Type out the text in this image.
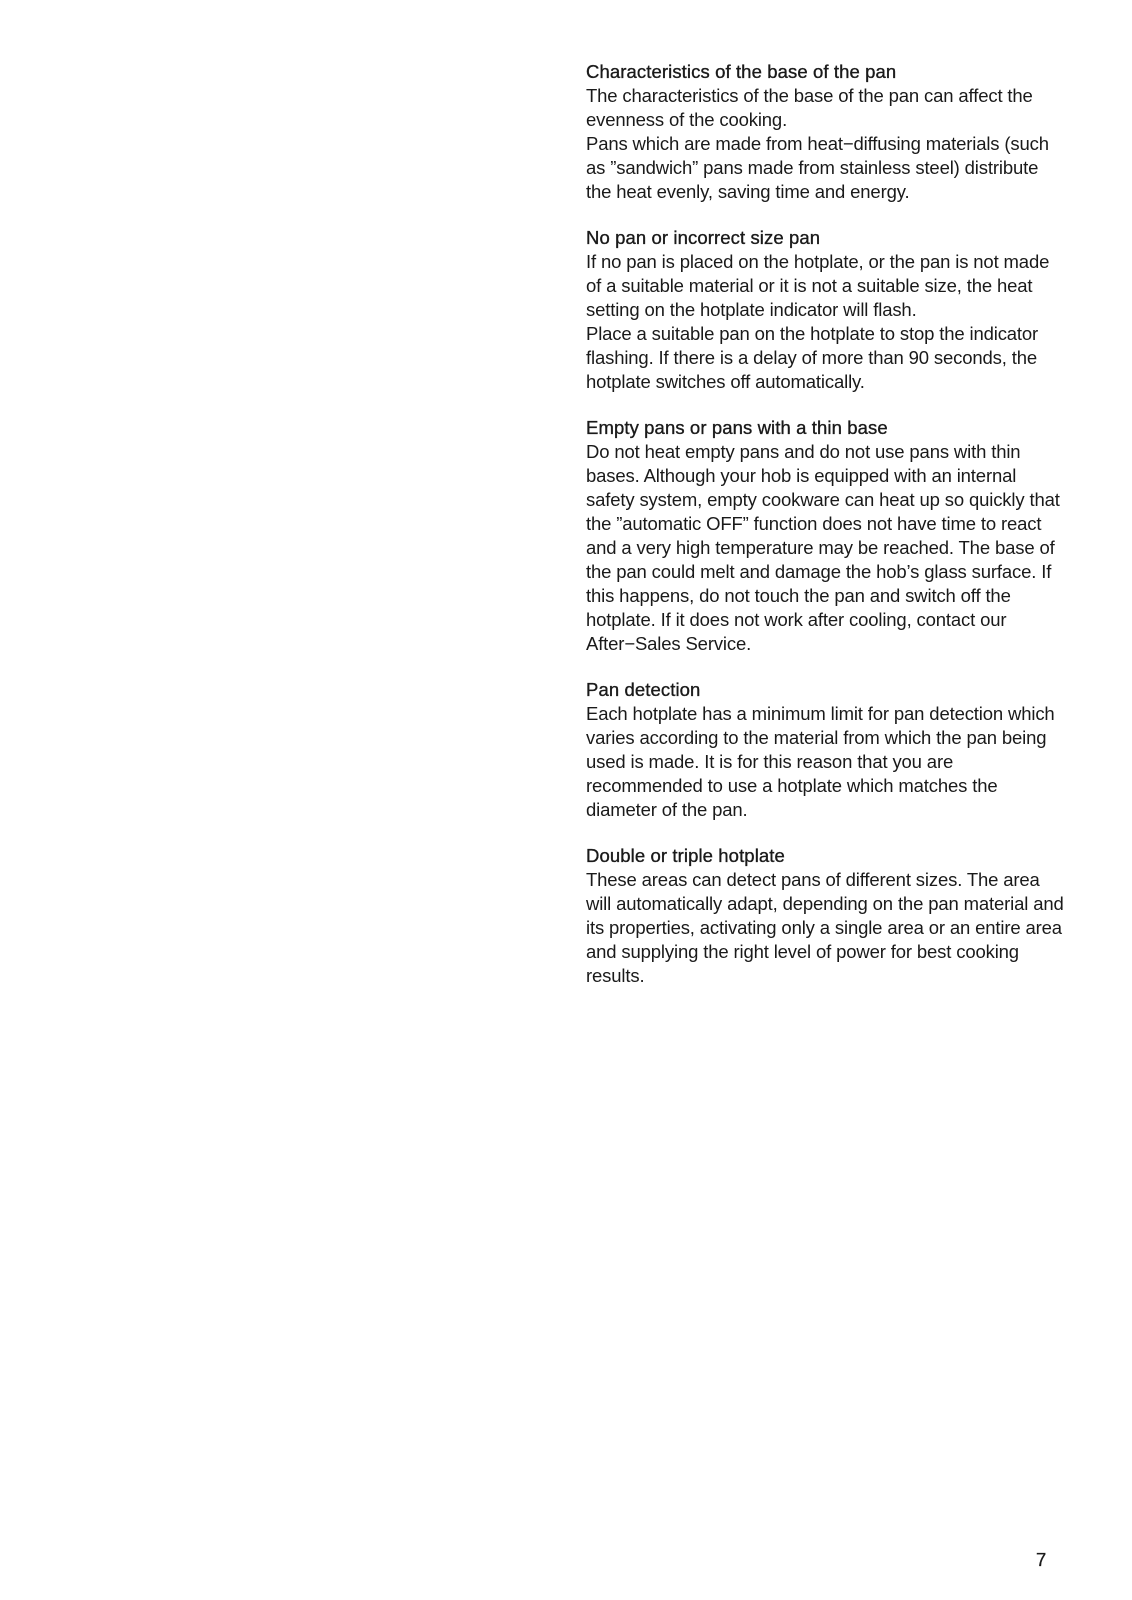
Characteristics of the base of the pan

The characteristics of the base of the pan can affect the evenness of the cooking.

Pans which are made from heat−diffusing materials (such as ”sandwich” pans made from stainless steel) distribute the heat evenly, saving time and energy.

No pan or incorrect size pan

If no pan is placed on the hotplate, or the pan is not made of a suitable material or it is not a suitable size, the heat setting on the hotplate indicator will flash.

Place a suitable pan on the hotplate to stop the indicator flashing. If there is a delay of more than 90 seconds, the hotplate switches off automatically.

Empty pans or pans with a thin base

Do not heat empty pans and do not use pans with thin bases. Although your hob is equipped with an internal safety system, empty cookware can heat up so quickly that the ”automatic OFF” function does not have time to react and a very high temperature may be reached. The base of the pan could melt and damage the hob’s glass surface. If this happens, do not touch the pan and switch off the hotplate. If it does not work after cooling, contact our After−Sales Service.

Pan detection

Each hotplate has a minimum limit for pan detection which varies according to the material from which the pan being used is made. It is for this reason that you are recommended to use a hotplate which matches the diameter of the pan.

Double or triple hotplate

These areas can detect pans of different sizes. The area will automatically adapt, depending on the pan material and its properties, activating only a single area or an entire area and supplying the right level of power for best cooking results.

7
